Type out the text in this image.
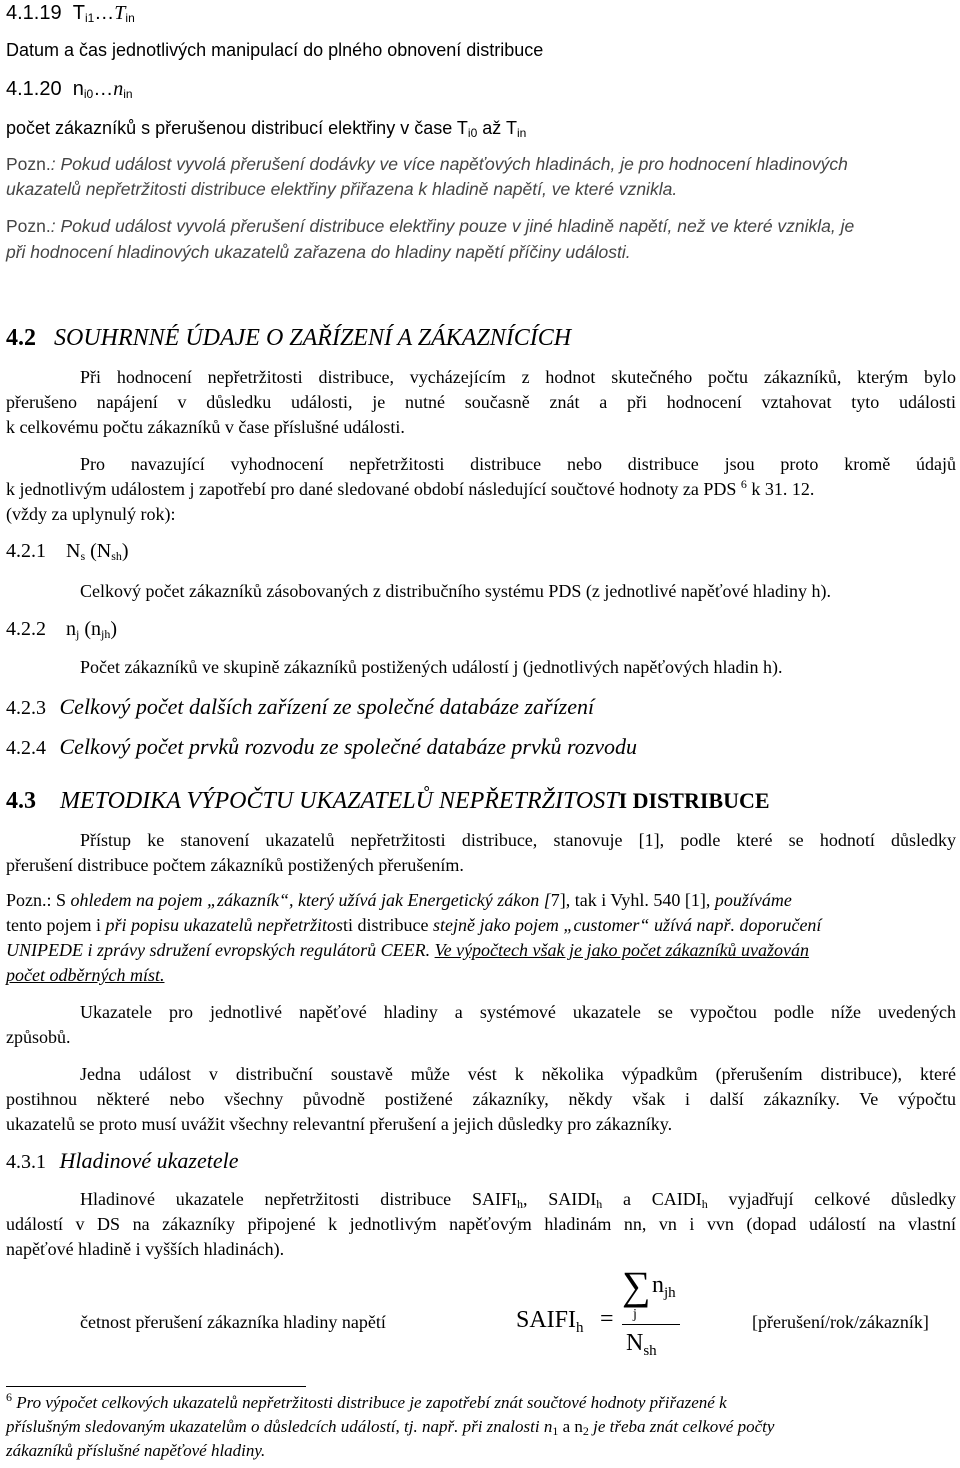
4.1.19 $T_{i1}\dots T_{in}$
Datum a čas jednotlivých manipulací do plného obnovení distribuce
4.1.20 $n_{i0}\dots n_{in}$
počet zákazníků s přerušenou distribucí elektřiny v čase $T_{i0}$ až $T_{in}$
Pozn.: Pokud událost vyvolá přerušení dodávky ve více napěťových hladinách, je pro hodnocení hladinových
ukazatelů nepřetržitosti distribuce elektřiny přiřazena k hladině napětí, ve které vznikla.
Pozn.: Pokud událost vyvolá přerušení distribuce elektřiny pouze v jiné hladině napětí, než ve které vznikla, je
při hodnocení hladinových ukazatelů zařazena do hladiny napětí příčiny události.
4.2 SOUHRNNÉ ÚDAJE O ZAŘÍZENÍ A ZÁKAZNÍCÍCH
Při hodnocení nepřetržitosti distribuce, vycházejícím z hodnot skutečného počtu zákazníků, kterým bylo
přerušeno napájení v důsledku události, je nutné současně znát a při hodnocení vztahovat tyto události
k celkovému počtu zákazníků v čase příslušné události.
Pro navazující vyhodnocení nepřetržitosti distribuce nebo distribuce jsou proto kromě údajů
k jednotlivým událostem j zapotřebí pro dané sledované období následující součtové hodnoty za PDS $^6$ k 31. 12.
(vždy za uplynulý rok):
4.2.1 $N_s$ $(N_{sh})$
Celkový počet zákazníků zásobovaných z distribučního systému PDS (z jednotlivé napěťové hladiny h).
4.2.2 $n_j$ $(n_{jh})$
Počet zákazníků ve skupině zákazníků postižených událostí j (jednotlivých napěťových hladin h).
4.2.3 Celkový počet dalších zařízení ze společné databáze zařízení
4.2.4 Celkový počet prvků rozvodu ze společné databáze prvků rozvodu
4.3 METODIKA VÝPOČTU UKAZATELŮ NEPŘETRŽITOSTI DISTRIBUCE
Přístup ke stanovení ukazatelů nepřetržitosti distribuce, stanovuje [1], podle které se hodnotí důsledky
přerušení distribuce počtem zákazníků postižených přerušením.
Pozn.: S ohledem na pojem „zákazník“, který užívá jak Energetický zákon [7], tak i Vyhl. 540 [1], používáme
tento pojem i při popisu ukazatelů nepřetržitosti distribuce stejně jako pojem „customer“ užívá např. doporučení
UNIPEDE i zprávy sdružení evropských regulátorů CEER. Ve výpočtech však je jako počet zákazníků uvažován
počet odběrných míst.
Ukazatele pro jednotlivé napěťové hladiny a systémové ukazatele se vypočtou podle níže uvedených
způsobů.
Jedna událost v distribuční soustavě může vést k několika výpadkům (přerušením distribuce), které
postihnou některé nebo všechny původně postižené zákazníky, někdy však i další zákazníky. Ve výpočtu
ukazatelů se proto musí uvážit všechny relevantní přerušení a jejich důsledky pro zákazníky.
4.3.1 Hladinové ukazetele
Hladinové ukazatele nepřetržitosti distribuce $SAIFI_h$, $SAIDI_h$ a $CAIDI_h$ vyjadřují celkové důsledky
událostí v DS na zákazníky připojené k jednotlivým napěťovým hladinám nn, vn i vvn (dopad událostí na vlastní
napěťové hladině i vyšších hladinách).
četnost přerušení zákazníka hladiny napětí	$SAIFI_h$ =
∑
j
$n_{jh}$
$N_{sh}$
[přerušení/rok/zákazník]
$^6$ Pro výpočet celkových ukazatelů nepřetržitosti distribuce je zapotřebí znát součtové hodnoty přiřazené k
příslušným sledovaným ukazatelům o důsledcích událostí, tj. např. při znalosti $n_1$ a $n_2$ je třeba znát celkové počty
zákazníků příslušné napěťové hladiny.
